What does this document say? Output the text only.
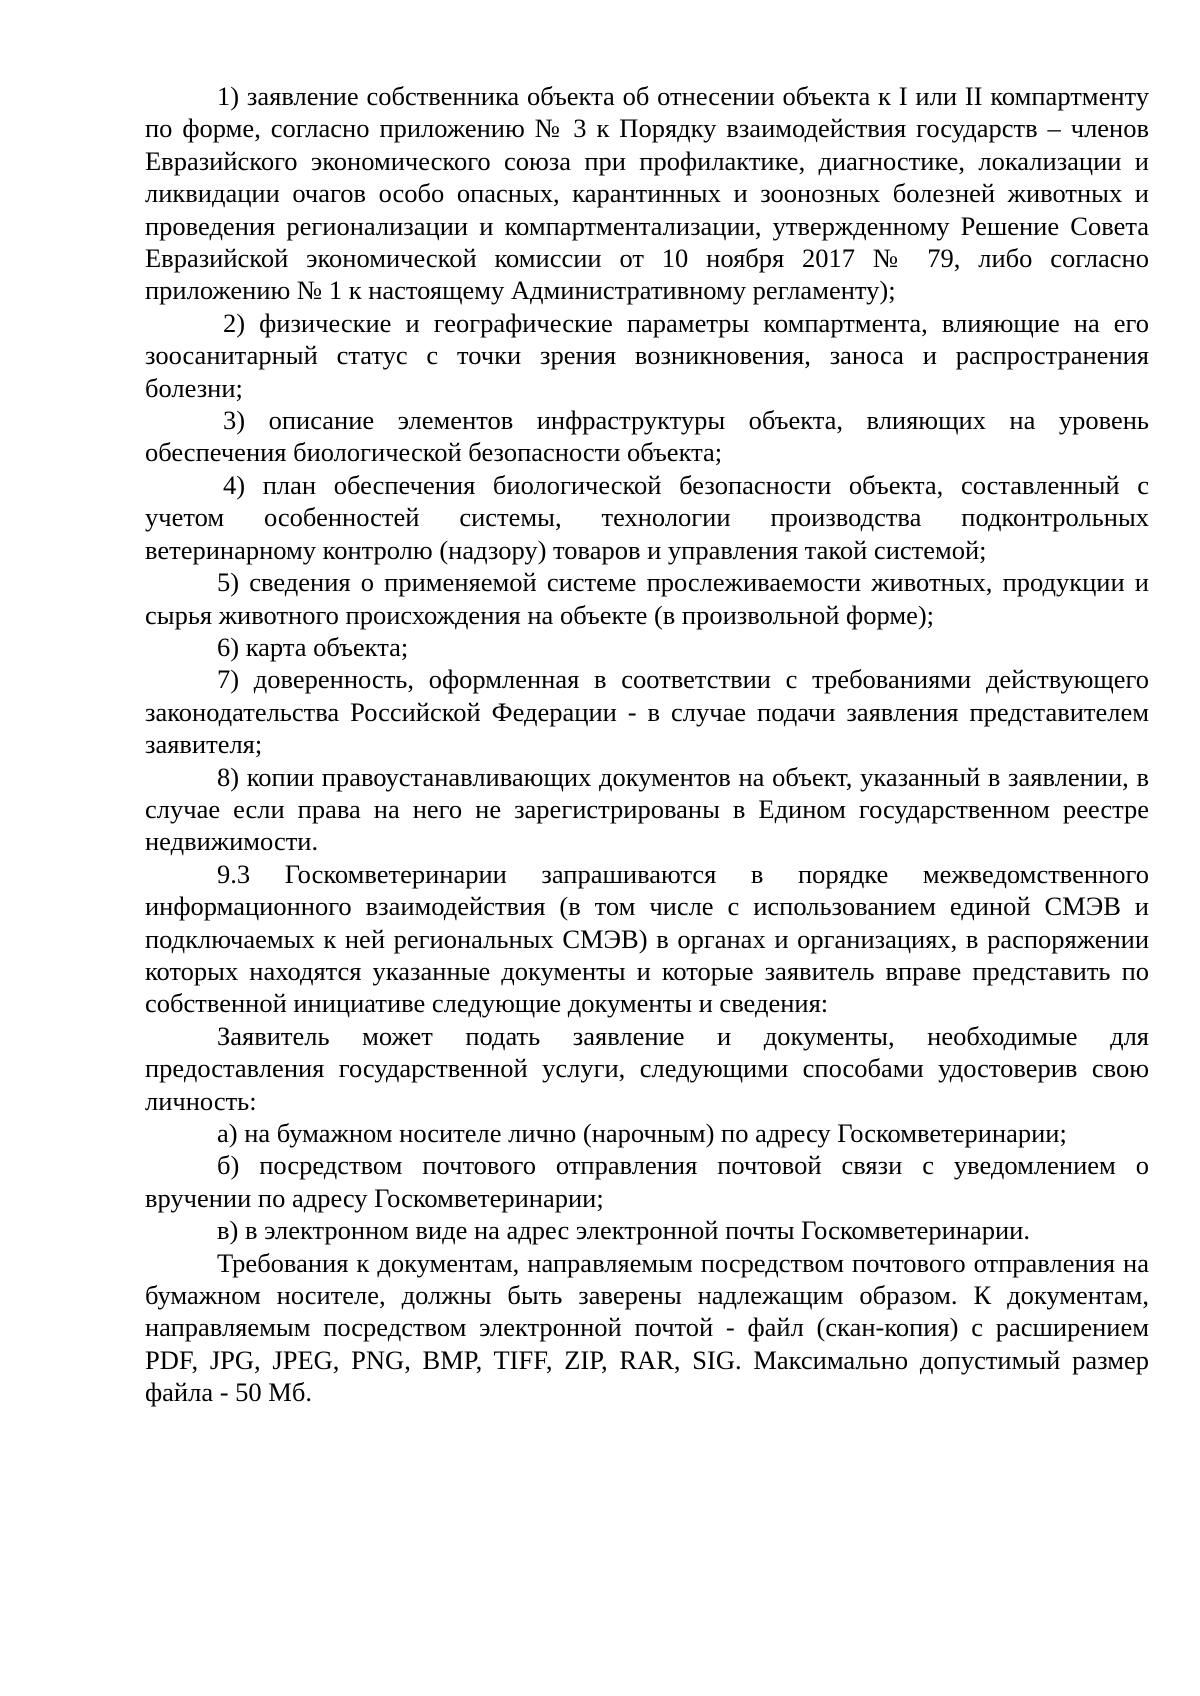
1) заявление собственника объекта об отнесении объекта к I или II компартменту по форме, согласно приложению № 3 к Порядку взаимодействия государств – членов Евразийского экономического союза при профилактике, диагностике, локализации и ликвидации очагов особо опасных, карантинных и зоонозных болезней животных и проведения регионализации и компартментализации, утвержденному Решение Совета Евразийской экономической комиссии от 10 ноября 2017 № 79, либо согласно приложению № 1 к настоящему Административному регламенту);

2) физические и географические параметры компартмента, влияющие на его зоосанитарный статус с точки зрения возникновения, заноса и распространения болезни;

3) описание элементов инфраструктуры объекта, влияющих на уровень обеспечения биологической безопасности объекта;

4) план обеспечения биологической безопасности объекта, составленный с учетом особенностей системы, технологии производства подконтрольных ветеринарному контролю (надзору) товаров и управления такой системой;

5) сведения о применяемой системе прослеживаемости животных, продукции и сырья животного происхождения на объекте (в произвольной форме);

6) карта объекта;

7) доверенность, оформленная в соответствии с требованиями действующего законодательства Российской Федерации - в случае подачи заявления представителем заявителя;

8) копии правоустанавливающих документов на объект, указанный в заявлении, в случае если права на него не зарегистрированы в Едином государственном реестре недвижимости.

9.3 Госкомветеринарии запрашиваются в порядке межведомственного информационного взаимодействия (в том числе с использованием единой СМЭВ и подключаемых к ней региональных СМЭВ) в органах и организациях, в распоряжении которых находятся указанные документы и которые заявитель вправе представить по собственной инициативе следующие документы и сведения:

Заявитель может подать заявление и документы, необходимые для предоставления государственной услуги, следующими способами удостоверив свою личность:

а) на бумажном носителе лично (нарочным) по адресу Госкомветеринарии;

б) посредством почтового отправления почтовой связи с уведомлением о вручении по адресу Госкомветеринарии;

в) в электронном виде на адрес электронной почты Госкомветеринарии.

Требования к документам, направляемым посредством почтового отправления на бумажном носителе, должны быть заверены надлежащим образом. К документам, направляемым посредством электронной почтой - файл (скан-копия) с расширением PDF, JPG, JPEG, PNG, BMP, TIFF, ZIP, RAR, SIG. Максимально допустимый размер файла - 50 Мб.
